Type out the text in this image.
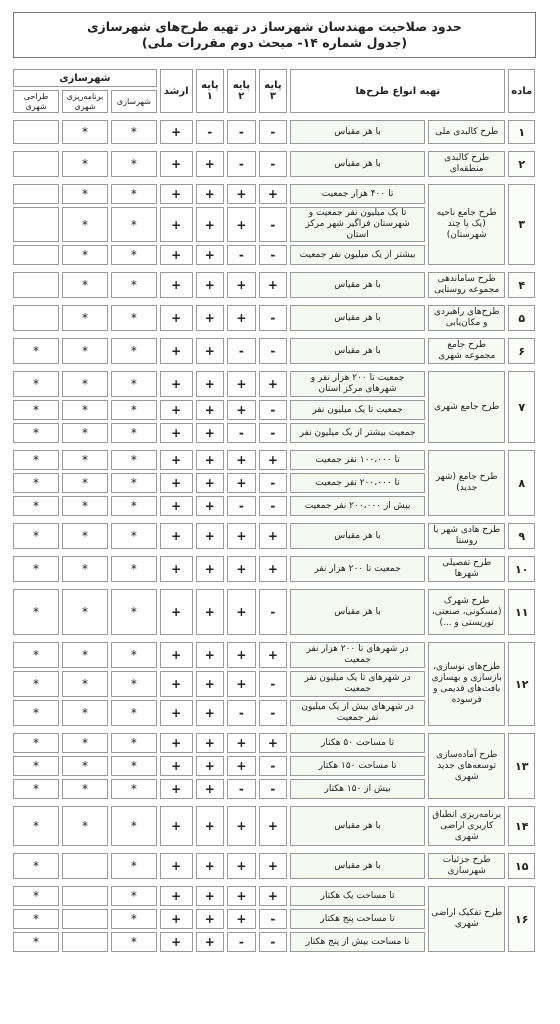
حدود صلاحیت مهندسان شهرساز در تهیه طرح‌های شهرسازی
(جدول شماره ۱۴- مبحث دوم مقررات ملی)
ماده	تهیه انواع طرح‌ها		پایه ۳	پایه ۲	پایه ۱	ارشد	شهرسازی		
							شهرسازی	برنامه‌ریزی شهری	طراحی شهری

۱	طرح کالبدی ملی	با هر مقیاس	-	-	-	+	*	*	

۲	طرح کالبدی منطقه‌ای	با هر مقیاس	-	-	+	+	*	*	

۳	طرح جامع ناحیه (یک یا چند شهرستان)	تا ۴۰۰ هزار جمعیت	+	+	+	+	*	*	
		تا یک میلیون نفر جمعیت و شهرستان فراگیر شهر مرکز استان	-	+	+	+	*	*	
		بیشتر از یک میلیون نفر جمعیت	-	-	+	+	*	*	

۴	طرح ساماندهی مجموعه روستایی	با هر مقیاس	+	+	+	+	*	*	

۵	طرح‌های راهبردی و مکان‌یابی	با هر مقیاس	-	+	+	+	*	*	

۶	طرح جامع مجموعه شهری	با هر مقیاس	-	-	+	+	*	*	*

۷	طرح جامع شهری	جمعیت تا ۲۰۰ هزار نفر و شهرهای مرکز استان	+	+	+	+	*	*	*
		جمعیت تا یک میلیون نفر	-	+	+	+	*	*	*
		جمعیت بیشتر از یک میلیون نفر	-	-	+	+	*	*	*

۸	طرح جامع (شهر جدید)	تا ۱۰۰،۰۰۰ نفر جمعیت	+	+	+	+	*	*	*
		تا ۲۰۰،۰۰۰ نفر جمعیت	-	+	+	+	*	*	*
		بیش از ۲۰۰،۰۰۰ نفر جمعیت	-	-	+	+	*	*	*

۹	طرح هادی شهر یا روستا	با هر مقیاس	+	+	+	+	*	*	*

۱۰	طرح تفصیلی شهرها	جمعیت تا ۲۰۰ هزار نفر	+	+	+	+	*	*	*

۱۱	طرح شهرک (مسکونی، صنعتی، توریستی و ...)	با هر مقیاس	-	+	+	+	*	*	*

۱۲	طرح‌های نوسازی، بازسازی و بهسازی بافت‌های قدیمی و فرسوده	در شهرهای تا ۲۰۰ هزار نفر جمعیت	+	+	+	+	*	*	*
		در شهرهای تا یک میلیون نفر جمعیت	-	+	+	+	*	*	*
		در شهرهای بیش از یک میلیون نفر جمعیت	-	-	+	+	*	*	*

۱۳	طرح آماده‌سازی توسعه‌های جدید شهری	تا مساحت ۵۰ هکتار	+	+	+	+	*	*	*
		تا مساحت ۱۵۰ هکتار	-	+	+	+	*	*	*
		بیش از ۱۵۰ هکتار	-	-	+	+	*	*	*

۱۴	برنامه‌ریزی انطباق کاربری اراضی شهری	با هر مقیاس	+	+	+	+	*	*	*

۱۵	طرح جزئیات شهرسازی	با هر مقیاس	+	+	+	+	*		*

۱۶	طرح تفکیک اراضی شهری	تا مساحت یک هکتار	+	+	+	+	*		*
		تا مساحت پنج هکتار	-	+	+	+	*		*
		تا مساحت بیش از پنج هکتار	-	-	+	+	*		*
